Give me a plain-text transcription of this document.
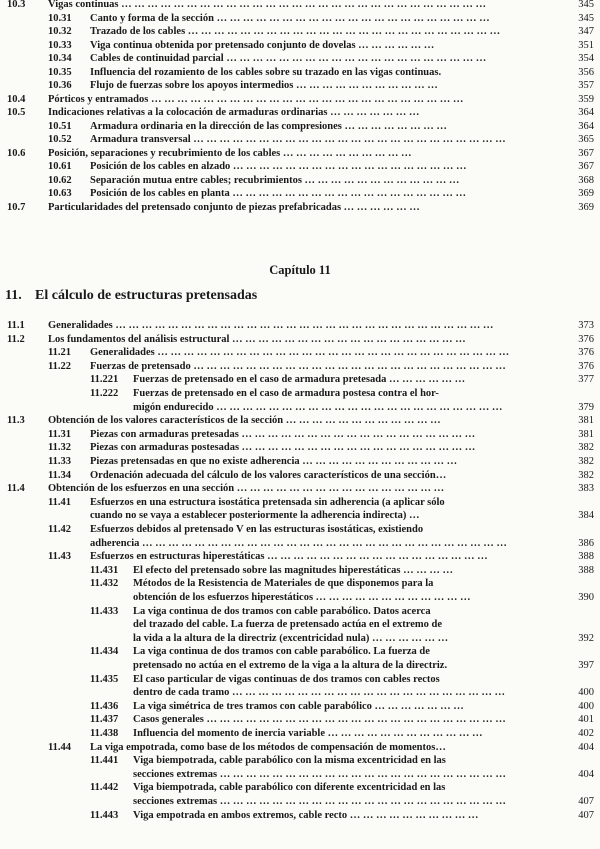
10.3 Vigas continuas … … … … … … … … … … … … … … … … … … … … … … … … … … … …	345
10.31 Canto y forma de la sección … … … … … … … … … … … … … … … … … … … … …	345
10.32 Trazado de los cables … … … … … … … … … … … … … … … … … … … … … … … …	347
10.33 Viga continua obtenida por pretensado conjunto de dovelas … … … … … …	351
10.34 Cables de continuidad parcial … … … … … … … … … … … … … … … … … … … …	354
10.35 Influencia del rozamiento de los cables sobre su trazado en las vigas continuas.	356
10.36 Flujo de fuerzas sobre los apoyos intermedios … … … … … … … … … … …	357
10.4 Pórticos y entramados … … … … … … … … … … … … … … … … … … … … … … … …	359
10.5 Indicaciones relativas a la colocación de armaduras ordinarias … … … … … … …	364
10.51 Armadura ordinaria en la dirección de las compresiones … … … … … … … …	364
10.52 Armadura transversal … … … … … … … … … … … … … … … … … … … … … … … …	365
10.6 Posición, separaciones y recubrimiento de los cables … … … … … … … … … …	367
10.61 Posición de los cables en alzado … … … … … … … … … … … … … … … … … …	367
10.62 Separación mutua entre cables; recubrimientos … … … … … … … … … … … …	368
10.63 Posición de los cables en planta … … … … … … … … … … … … … … … … … …	369
10.7 Particularidades del pretensado conjunto de piezas prefabricadas … … … … … …	369
Capítulo 11
11. El cálculo de estructuras pretensadas
11.1 Generalidades … … … … … … … … … … … … … … … … … … … … … … … … … … … … …	373
11.2 Los fundamentos del análisis estructural … … … … … … … … … … … … … … … … … …	376
11.21 Generalidades … … … … … … … … … … … … … … … … … … … … … … … … … … …	376
11.22 Fuerzas de pretensado … … … … … … … … … … … … … … … … … … … … … … … …	376
11.221 Fuerzas de pretensado en el caso de armadura pretesada … … … … … …	377
11.222 Fuerzas de pretensado en el caso de armadura postesa contra el hor-
migón endurecido … … … … … … … … … … … … … … … … … … … … … …	379
11.3 Obtención de los valores característicos de la sección … … … … … … … … … … … …	381
11.31 Piezas con armaduras pretesadas … … … … … … … … … … … … … … … … … …	381
11.32 Piezas con armaduras postesadas … … … … … … … … … … … … … … … … … …	382
11.33 Piezas pretensadas en que no existe adherencia … … … … … … … … … … … …	382
11.34 Ordenación adecuada del cálculo de los valores característicos de una sección…	382
11.4 Obtención de los esfuerzos en una sección … … … … … … … … … … … … … … … …	383
11.41 Esfuerzos en una estructura isostática pretensada sin adherencia (a aplicar sólo
cuando no se vaya a establecer posteriormente la adherencia indirecta) …	384
11.42 Esfuerzos debidos al pretensado V en las estructuras isostáticas, existiendo
adherencia … … … … … … … … … … … … … … … … … … … … … … … … … … … …	386
11.43 Esfuerzos en estructuras hiperestáticas … … … … … … … … … … … … … … … … …	388
11.431 El efecto del pretensado sobre las magnitudes hiperestáticas … … … …	388
11.432 Métodos de la Resistencia de Materiales de que disponemos para la
obtención de los esfuerzos hiperestáticos … … … … … … … … … … … …	390
11.433 La viga continua de dos tramos con cable parabólico. Datos acerca
del trazado del cable. La fuerza de pretensado actúa en el extremo de
la vida a la altura de la directriz (excentricidad nula) … … … … … …	392
11.434 La viga continua de dos tramos con cable parabólico. La fuerza de
pretensado no actúa en el extremo de la viga a la altura de la directriz.	397
11.435 El caso particular de vigas continuas de dos tramos con cables rectos
dentro de cada tramo … … … … … … … … … … … … … … … … … … … … …	400
11.436 La viga simétrica de tres tramos con cable parabólico … … … … … … …	400
11.437 Casos generales … … … … … … … … … … … … … … … … … … … … … … …	401
11.438 Influencia del momento de inercia variable … … … … … … … … … … … …	402
11.44 La viga empotrada, como base de los métodos de compensación de momentos…	404
11.441 Viga biempotrada, cable parabólico con la misma excentricidad en las
secciones extremas … … … … … … … … … … … … … … … … … … … … … …	404
11.442 Viga biempotrada, cable parabólico con diferente excentricidad en las
secciones extremas … … … … … … … … … … … … … … … … … … … … … …	407
11.443 Viga empotrada en ambos extremos, cable recto … … … … … … … … … …	407
